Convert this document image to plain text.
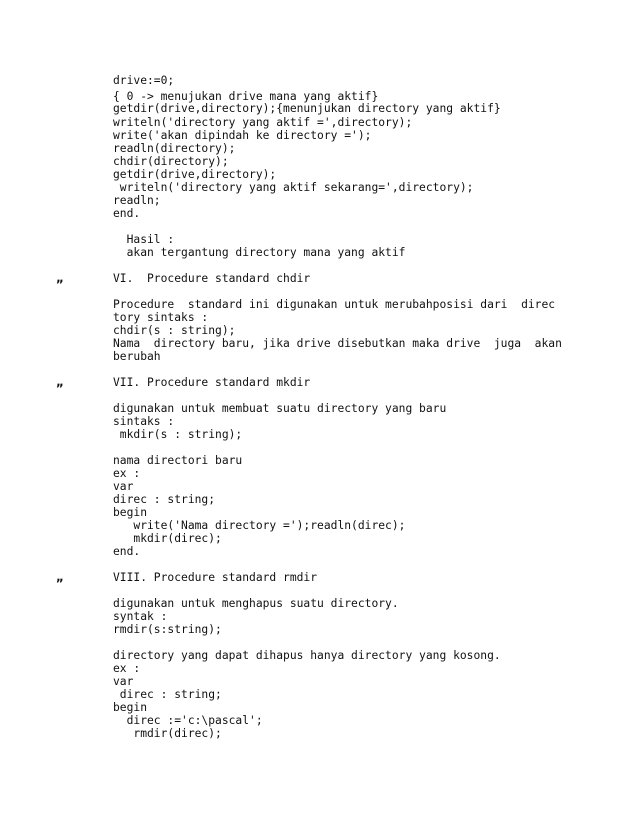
drive:=0;
{ 0 -> menujukan drive mana yang aktif}
getdir(drive,directory);{menunjukan directory yang aktif}
writeln('directory yang aktif =',directory);
write('akan dipindah ke directory =');
readln(directory);
chdir(directory);
getdir(drive,directory);
writeln('directory yang aktif sekarang=',directory);
readln;
end.
Hasil :
akan tergantung directory mana yang aktif
„	VI.  Procedure standard chdir
Procedure  standard ini digunakan untuk merubahposisi dari  direc
tory sintaks :
chdir(s : string);
Nama  directory baru, jika drive disebutkan maka drive  juga  akan
berubah
„	VII. Procedure standard mkdir
digunakan untuk membuat suatu directory yang baru
sintaks :
mkdir(s : string);
nama directori baru
ex :
var
direc : string;
begin
write('Nama directory =');readln(direc);
mkdir(direc);
end.
„	VIII. Procedure standard rmdir
digunakan untuk menghapus suatu directory.
syntak :
rmdir(s:string);
directory yang dapat dihapus hanya directory yang kosong.
ex :
var
direc : string;
begin
direc :='c:\pascal';
rmdir(direc);
